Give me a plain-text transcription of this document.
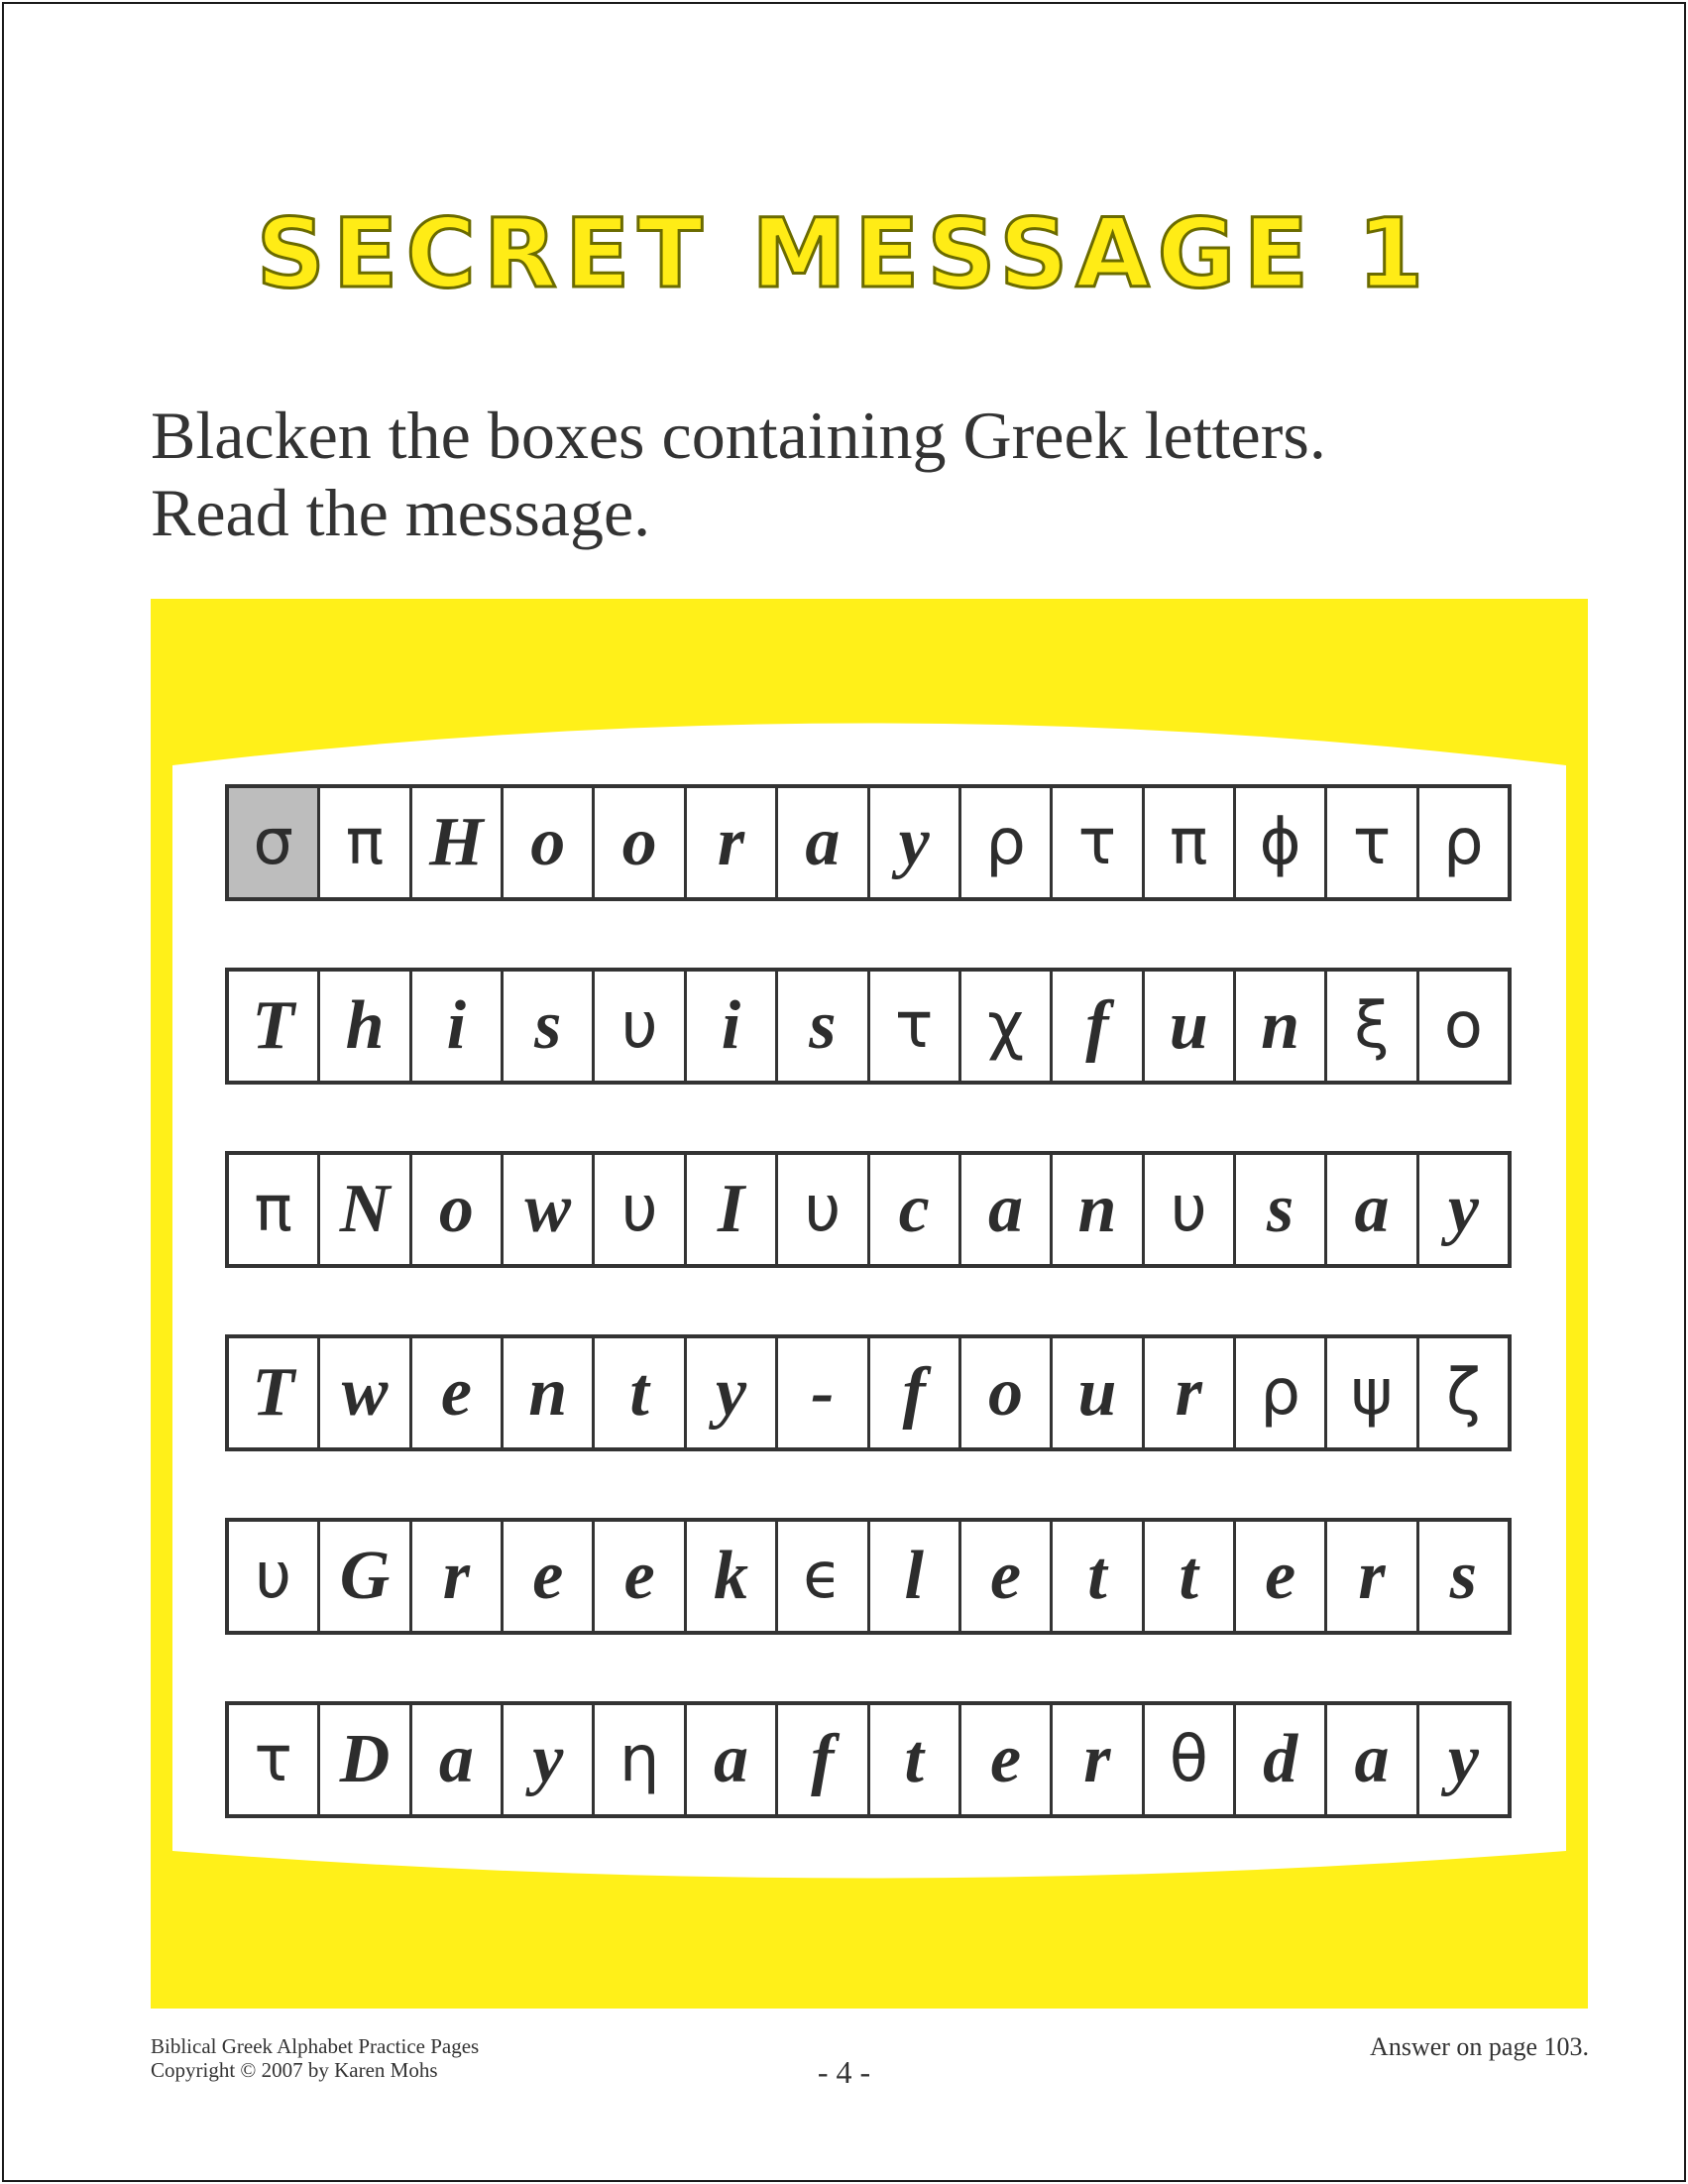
SECRET MESSAGE 1
Blacken the boxes containing Greek letters.
Read the message.
σ π H o o r a y ρ τ π ϕ τ ρ
T h i s υ i s τ χ f u n ξ ο
π N o w υ I υ c a n υ s a y
T w e n t y - f o u r ρ ψ ζ
υ G r e e k ϵ l e t	t e r s
τ D a y η a f	t e r θ d a y
Biblical Greek Alphabet Practice Pages
Copyright © 2007 by Karen Mohs	- 4 -
Answer on page 103.
